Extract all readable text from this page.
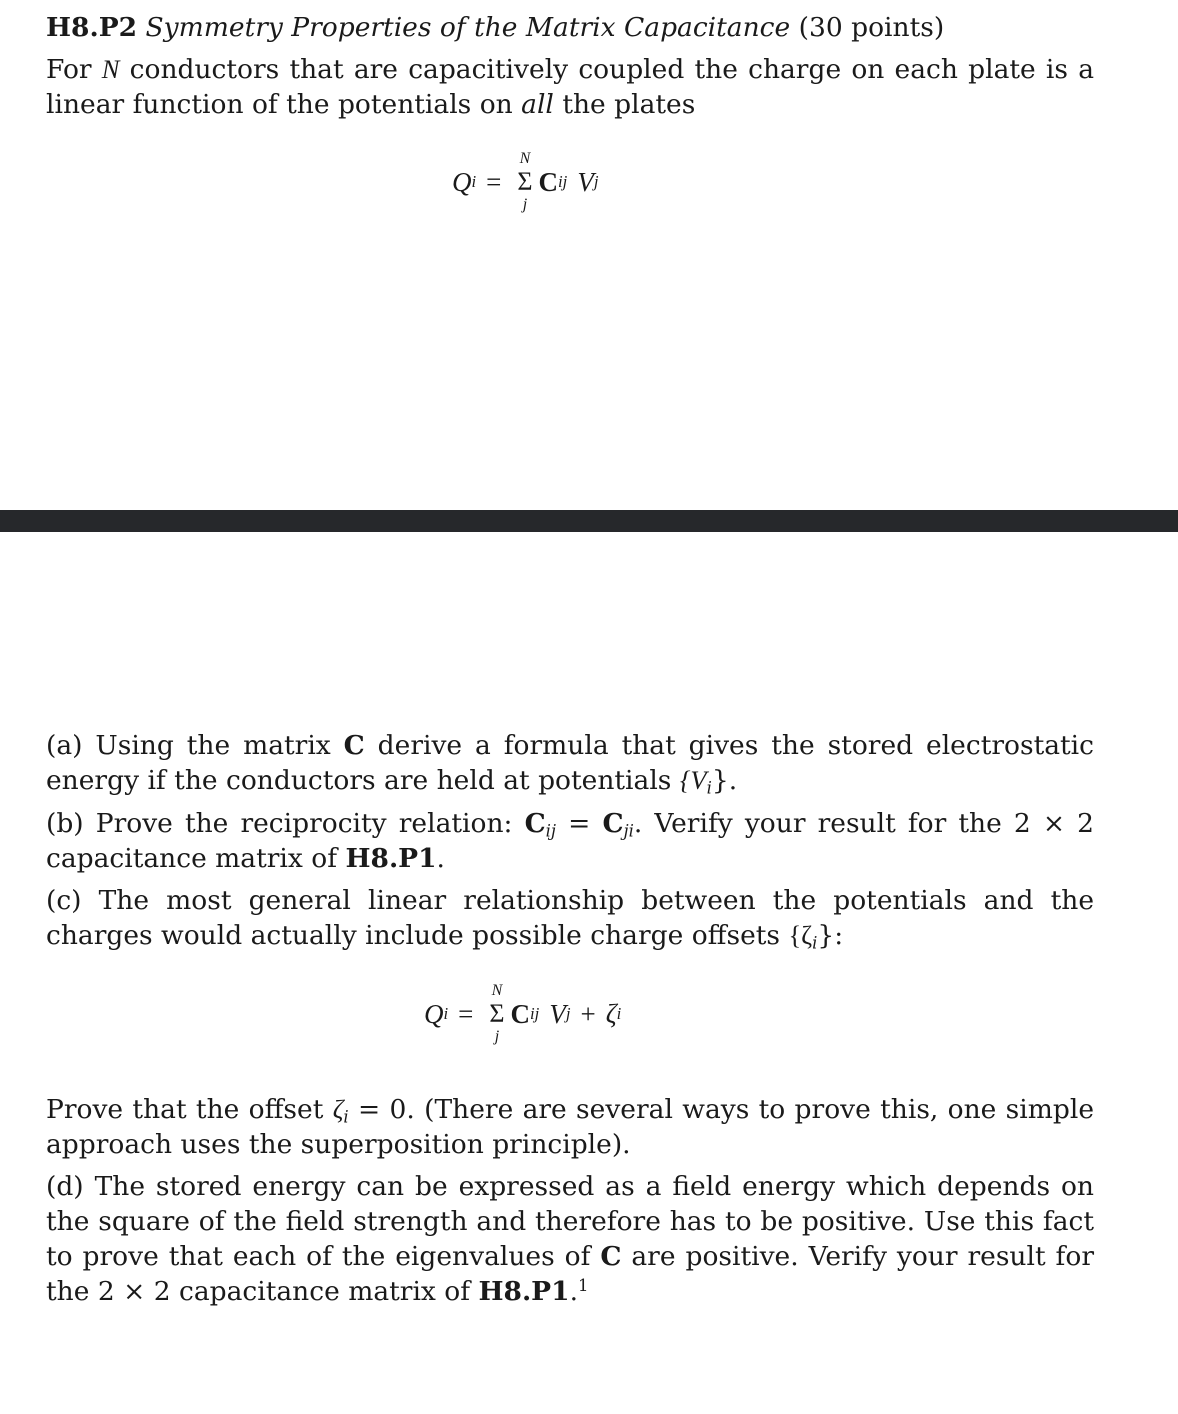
H8.P2 Symmetry Properties of the Matrix Capacitance (30 points)
For N conductors that are capacitively coupled the charge on each plate is a linear function of the potentials on all the plates
Q i =
N
Σ
j
C ij V j
(a) Using the matrix C derive a formula that gives the stored electrostatic energy if the conductors are held at potentials $\{V_i\}$.
(b) Prove the reciprocity relation: $C_{ij} = C_{ji}$. Verify your result for the 2 × 2 capacitance matrix of H8.P1.
(c) The most general linear relationship between the potentials and the charges would actually include possible charge offsets $\{\zeta_i\}$:
Q i =
N
Σ
j
C ij V j + ζ i
Prove that the offset $\zeta_i = 0$. (There are several ways to prove this, one simple approach uses the superposition principle).
(d) The stored energy can be expressed as a field energy which depends on the square of the field strength and therefore has to be positive. Use this fact to prove that each of the eigenvalues of C are positive. Verify your result for the 2 × 2 capacitance matrix of H8.P1.$^1$
